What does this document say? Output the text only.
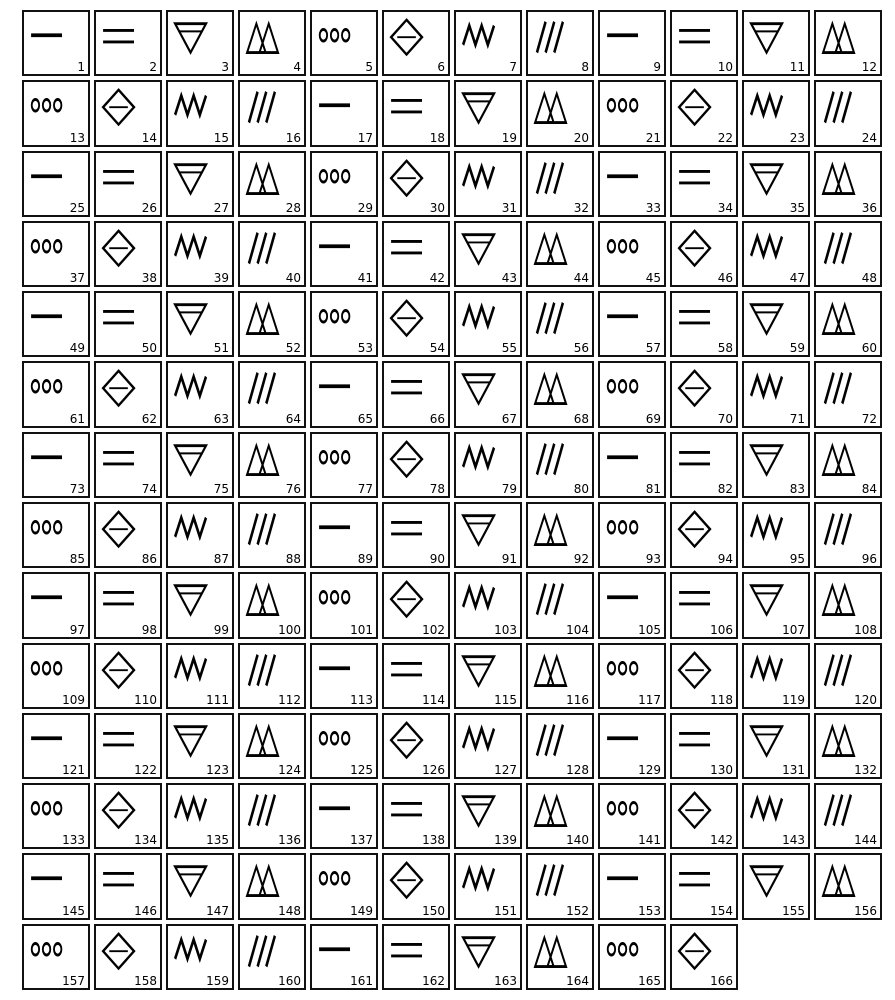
1	2	3	4	5	6	7	8	9	10	11	12
13	14	15	16	17	18	19	20	21	22	23	24
25	26	27	28	29	30	31	32	33	34	35	36
37	38	39	40	41	42	43	44	45	46	47	48
49	50	51	52	53	54	55	56	57	58	59	60
61	62	63	64	65	66	67	68	69	70	71	72
73	74	75	76	77	78	79	80	81	82	83	84
85	86	87	88	89	90	91	92	93	94	95	96
97	98	99	100	101	102	103	104	105	106	107	108
109	110	111	112	113	114	115	116	117	118	119	120
121	122	123	124	125	126	127	128	129	130	131	132
133	134	135	136	137	138	139	140	141	142	143	144
145	146	147	148	149	150	151	152	153	154	155	156
157	158	159	160	161	162	163	164	165	166
